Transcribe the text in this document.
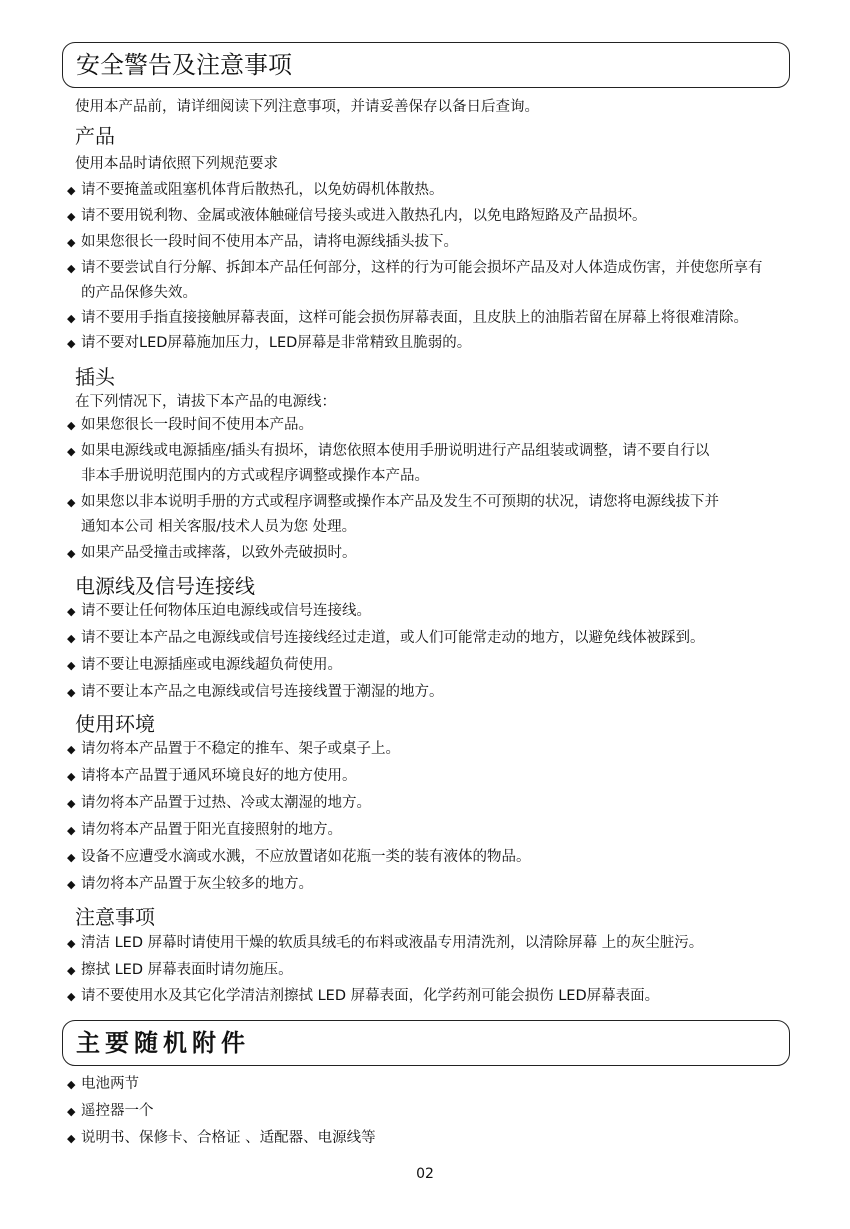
安全警告及注意事项
使用本产品前，请详细阅读下列注意事项，并请妥善保存以备日后查询。
产品
使用本品时请依照下列规范要求
◆ 请不要掩盖或阻塞机体背后散热孔，以免妨碍机体散热。
◆ 请不要用锐利物、金属或液体触碰信号接头或进入散热孔内，以免电路短路及产品损坏。
◆ 如果您很长一段时间不使用本产品，请将电源线插头拔下。
◆ 请不要尝试自行分解、拆卸本产品任何部分，这样的行为可能会损坏产品及对人体造成伤害，并使您所享有
的产品保修失效。
◆ 请不要用手指直接接触屏幕表面，这样可能会损伤屏幕表面，且皮肤上的油脂若留在屏幕上将很难清除。
◆ 请不要对LED屏幕施加压力，LED屏幕是非常精致且脆弱的。
插头
在下列情况下，请拔下本产品的电源线：
◆ 如果您很长一段时间不使用本产品。
◆ 如果电源线或电源插座/插头有损坏，请您依照本使用手册说明进行产品组装或调整，请不要自行以
非本手册说明范围内的方式或程序调整或操作本产品。
◆ 如果您以非本说明手册的方式或程序调整或操作本产品及发生不可预期的状况，请您将电源线拔下并
通知本公司 相关客服/技术人员为您 处理。
◆ 如果产品受撞击或摔落，以致外壳破损时。
电源线及信号连接线
◆ 请不要让任何物体压迫电源线或信号连接线。
◆ 请不要让本产品之电源线或信号连接线经过走道，或人们可能常走动的地方，以避免线体被踩到。
◆ 请不要让电源插座或电源线超负荷使用。
◆ 请不要让本产品之电源线或信号连接线置于潮湿的地方。
使用环境
◆ 请勿将本产品置于不稳定的推车、架子或桌子上。
◆ 请将本产品置于通风环境良好的地方使用。
◆ 请勿将本产品置于过热、冷或太潮湿的地方。
◆ 请勿将本产品置于阳光直接照射的地方。
◆ 设备不应遭受水滴或水溅，不应放置诸如花瓶一类的装有液体的物品。
◆ 请勿将本产品置于灰尘较多的地方。
注意事项
◆ 清洁 LED 屏幕时请使用干燥的软质具绒毛的布料或液晶专用清洗剂，以清除屏幕 上的灰尘脏污。
◆ 擦拭 LED 屏幕表面时请勿施压。
◆ 请不要使用水及其它化学清洁剂擦拭 LED 屏幕表面，化学药剂可能会损伤 LED屏幕表面。
主要随机附件
◆ 电池两节
◆ 遥控器一个
◆ 说明书、保修卡、合格证 、适配器、电源线等
02
